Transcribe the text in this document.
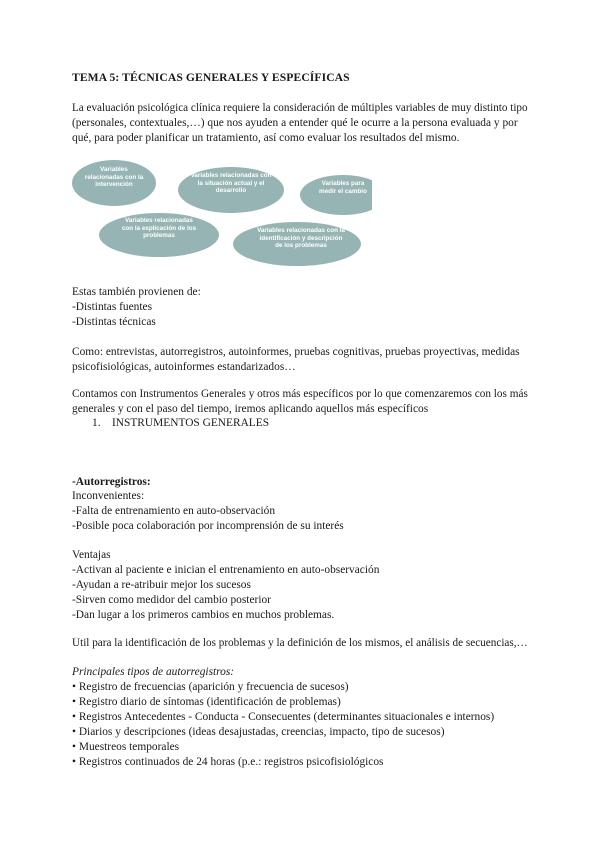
TEMA 5: TÉCNICAS GENERALES Y ESPECÍFICAS
La evaluación psicológica clínica requiere la consideración de múltiples variables de muy distinto tipo
(personales, contextuales,…) que nos ayuden a entender qué le ocurre a la persona evaluada y por
qué, para poder planificar un tratamiento, así como evaluar los resultados del mismo.
Variables relacionadas con la intervención
Variables relacionadas con la situación actual y el desarrollo
Variables para medir el cambio
Variables relacionadas con la explicación de los problemas
Variables relacionadas con la identificación y descripción de los problemas
Estas también provienen de:
-Distintas fuentes
-Distintas técnicas
Como: entrevistas, autorregistros, autoinformes, pruebas cognitivas, pruebas proyectivas, medidas
psicofisiológicas, autoinformes estandarizados…
Contamos con Instrumentos Generales y otros más específicos por lo que comenzaremos con los más
generales y con el paso del tiempo, iremos aplicando aquellos más específicos
1. INSTRUMENTOS GENERALES
-Autorregistros:
Inconvenientes:
-Falta de entrenamiento en auto-observación
-Posible poca colaboración por incomprensión de su interés
Ventajas
-Activan al paciente e inician el entrenamiento en auto-observación
-Ayudan a re-atribuir mejor los sucesos
-Sirven como medidor del cambio posterior
-Dan lugar a los primeros cambios en muchos problemas.
Útil para la identificación de los problemas y la definición de los mismos, el análisis de secuencias,…
Principales tipos de autorregistros:
• Registro de frecuencias (aparición y frecuencia de sucesos)
• Registro diario de síntomas (identificación de problemas)
• Registros Antecedentes - Conducta - Consecuentes (determinantes situacionales e internos)
• Diarios y descripciones (ideas desajustadas, creencias, impacto, tipo de sucesos)
• Muestreos temporales
• Registros continuados de 24 horas (p.e.: registros psicofisiológicos
